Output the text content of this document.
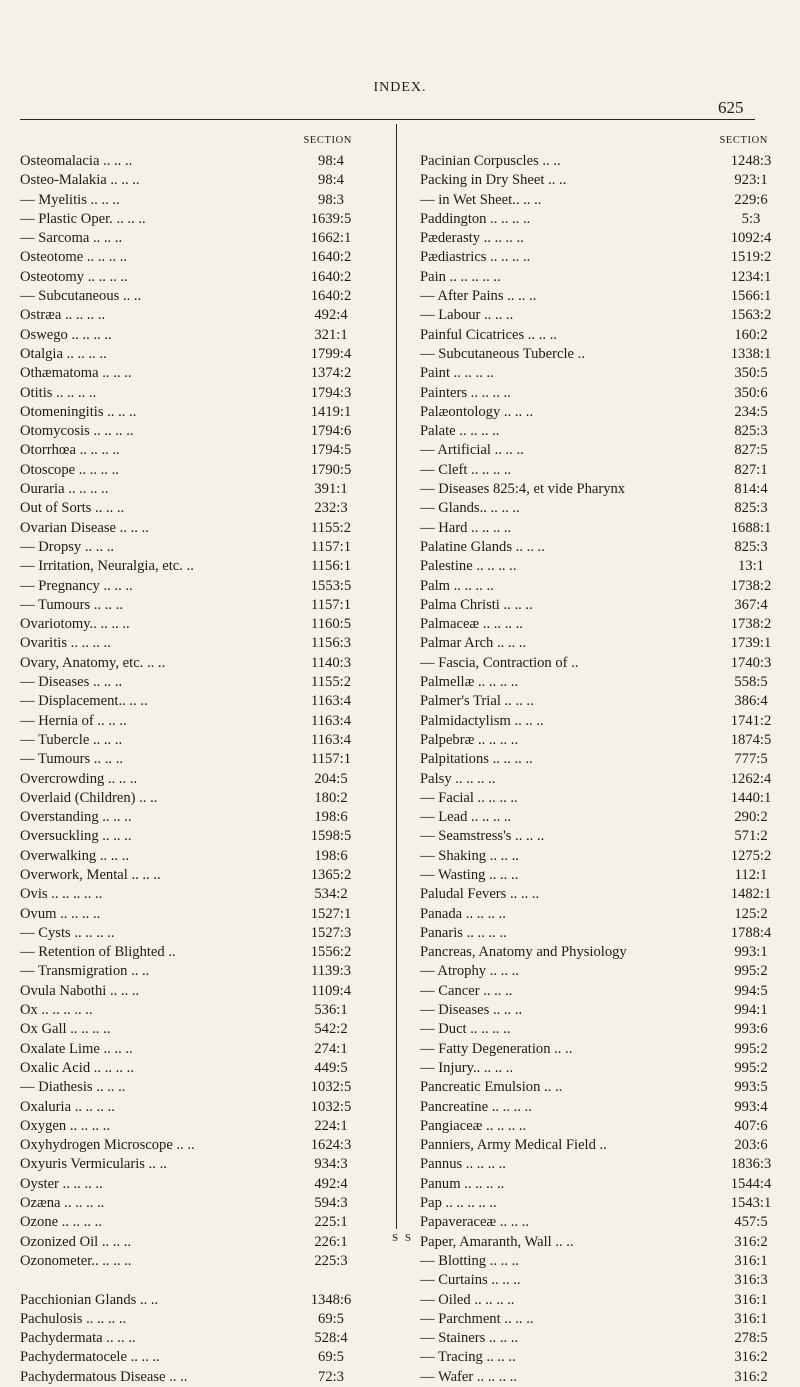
INDEX.
625
SECTION
Osteomalacia .. .. ..	98:4
Osteo-Malakia .. .. ..	98:4
— Myelitis .. .. ..	98:3
— Plastic Oper. .. .. ..	1639:5
— Sarcoma .. .. ..	1662:1
Osteotome .. .. .. ..	1640:2
Osteotomy .. .. .. ..	1640:2
— Subcutaneous .. ..	1640:2
Ostræa .. .. .. ..	492:4
Oswego .. .. .. ..	321:1
Otalgia .. .. .. ..	1799:4
Othæmatoma .. .. ..	1374:2
Otitis .. .. .. ..	1794:3
Otomeningitis .. .. ..	1419:1
Otomycosis .. .. .. ..	1794:6
Otorrhœa .. .. .. ..	1794:5
Otoscope .. .. .. ..	1790:5
Ouraria .. .. .. ..	391:1
Out of Sorts .. .. ..	232:3
Ovarian Disease .. .. ..	1155:2
— Dropsy .. .. ..	1157:1
— Irritation, Neuralgia, etc. ..	1156:1
— Pregnancy .. .. ..	1553:5
— Tumours .. .. ..	1157:1
Ovariotomy.. .. .. ..	1160:5
Ovaritis .. .. .. ..	1156:3
Ovary, Anatomy, etc. .. ..	1140:3
— Diseases .. .. ..	1155:2
— Displacement.. .. ..	1163:4
— Hernia of .. .. ..	1163:4
— Tubercle .. .. ..	1163:4
— Tumours .. .. ..	1157:1
Overcrowding .. .. ..	204:5
Overlaid (Children) .. ..	180:2
Overstanding .. .. ..	198:6
Oversuckling .. .. ..	1598:5
Overwalking .. .. ..	198:6
Overwork, Mental .. .. ..	1365:2
Ovis .. .. .. .. ..	534:2
Ovum .. .. .. ..	1527:1
— Cysts .. .. .. ..	1527:3
— Retention of Blighted ..	1556:2
— Transmigration .. ..	1139:3
Ovula Nabothi .. .. ..	1109:4
Ox .. .. .. .. ..	536:1
Ox Gall .. .. .. ..	542:2
Oxalate Lime .. .. ..	274:1
Oxalic Acid .. .. .. ..	449:5
— Diathesis .. .. ..	1032:5
Oxaluria .. .. .. ..	1032:5
Oxygen .. .. .. ..	224:1
Oxyhydrogen Microscope .. ..	1624:3
Oxyuris Vermicularis .. ..	934:3
Oyster .. .. .. ..	492:4
Ozæna .. .. .. ..	594:3
Ozone .. .. .. ..	225:1
Ozonized Oil .. .. ..	226:1
Ozonometer.. .. .. ..	225:3
Pacchionian Glands .. ..	1348:6
Pachulosis .. .. .. ..	69:5
Pachydermata .. .. ..	528:4
Pachydermatocele .. .. ..	69:5
Pachydermatous Disease .. ..	72:3
SECTION
Pacinian Corpuscles .. ..	1248:3
Packing in Dry Sheet .. ..	923:1
— in Wet Sheet.. .. ..	229:6
Paddington .. .. .. ..	5:3
Pæderasty .. .. .. ..	1092:4
Pædiastrics .. .. .. ..	1519:2
Pain .. .. .. .. ..	1234:1
— After Pains .. .. ..	1566:1
— Labour .. .. ..	1563:2
Painful Cicatrices .. .. ..	160:2
— Subcutaneous Tubercle ..	1338:1
Paint .. .. .. ..	350:5
Painters .. .. .. ..	350:6
Palæontology .. .. ..	234:5
Palate .. .. .. ..	825:3
— Artificial .. .. ..	827:5
— Cleft .. .. .. ..	827:1
— Diseases 825:4, et vide Pharynx	814:4
— Glands.. .. .. ..	825:3
— Hard .. .. .. ..	1688:1
Palatine Glands .. .. ..	825:3
Palestine .. .. .. ..	13:1
Palm .. .. .. ..	1738:2
Palma Christi .. .. ..	367:4
Palmaceæ .. .. .. ..	1738:2
Palmar Arch .. .. ..	1739:1
— Fascia, Contraction of ..	1740:3
Palmellæ .. .. .. ..	558:5
Palmer's Trial .. .. ..	386:4
Palmidactylism .. .. ..	1741:2
Palpebræ .. .. .. ..	1874:5
Palpitations .. .. .. ..	777:5
Palsy .. .. .. ..	1262:4
— Facial .. .. .. ..	1440:1
— Lead .. .. .. ..	290:2
— Seamstress's .. .. ..	571:2
— Shaking .. .. ..	1275:2
— Wasting .. .. ..	112:1
Paludal Fevers .. .. ..	1482:1
Panada .. .. .. ..	125:2
Panaris .. .. .. ..	1788:4
Pancreas, Anatomy and Physiology	993:1
— Atrophy .. .. ..	995:2
— Cancer .. .. ..	994:5
— Diseases .. .. ..	994:1
— Duct .. .. .. ..	993:6
— Fatty Degeneration .. ..	995:2
— Injury.. .. .. ..	995:2
Pancreatic Emulsion .. ..	993:5
Pancreatine .. .. .. ..	993:4
Pangiaceæ .. .. .. ..	407:6
Panniers, Army Medical Field ..	203:6
Pannus .. .. .. ..	1836:3
Panum .. .. .. ..	1544:4
Pap .. .. .. .. ..	1543:1
Papaveraceæ .. .. ..	457:5
Paper, Amaranth, Wall .. ..	316:2
— Blotting .. .. ..	316:1
— Curtains .. .. ..	316:3
— Oiled .. .. .. ..	316:1
— Parchment .. .. ..	316:1
— Stainers .. .. ..	278:5
— Tracing .. .. ..	316:2
— Wafer .. .. .. ..	316:2
S S
